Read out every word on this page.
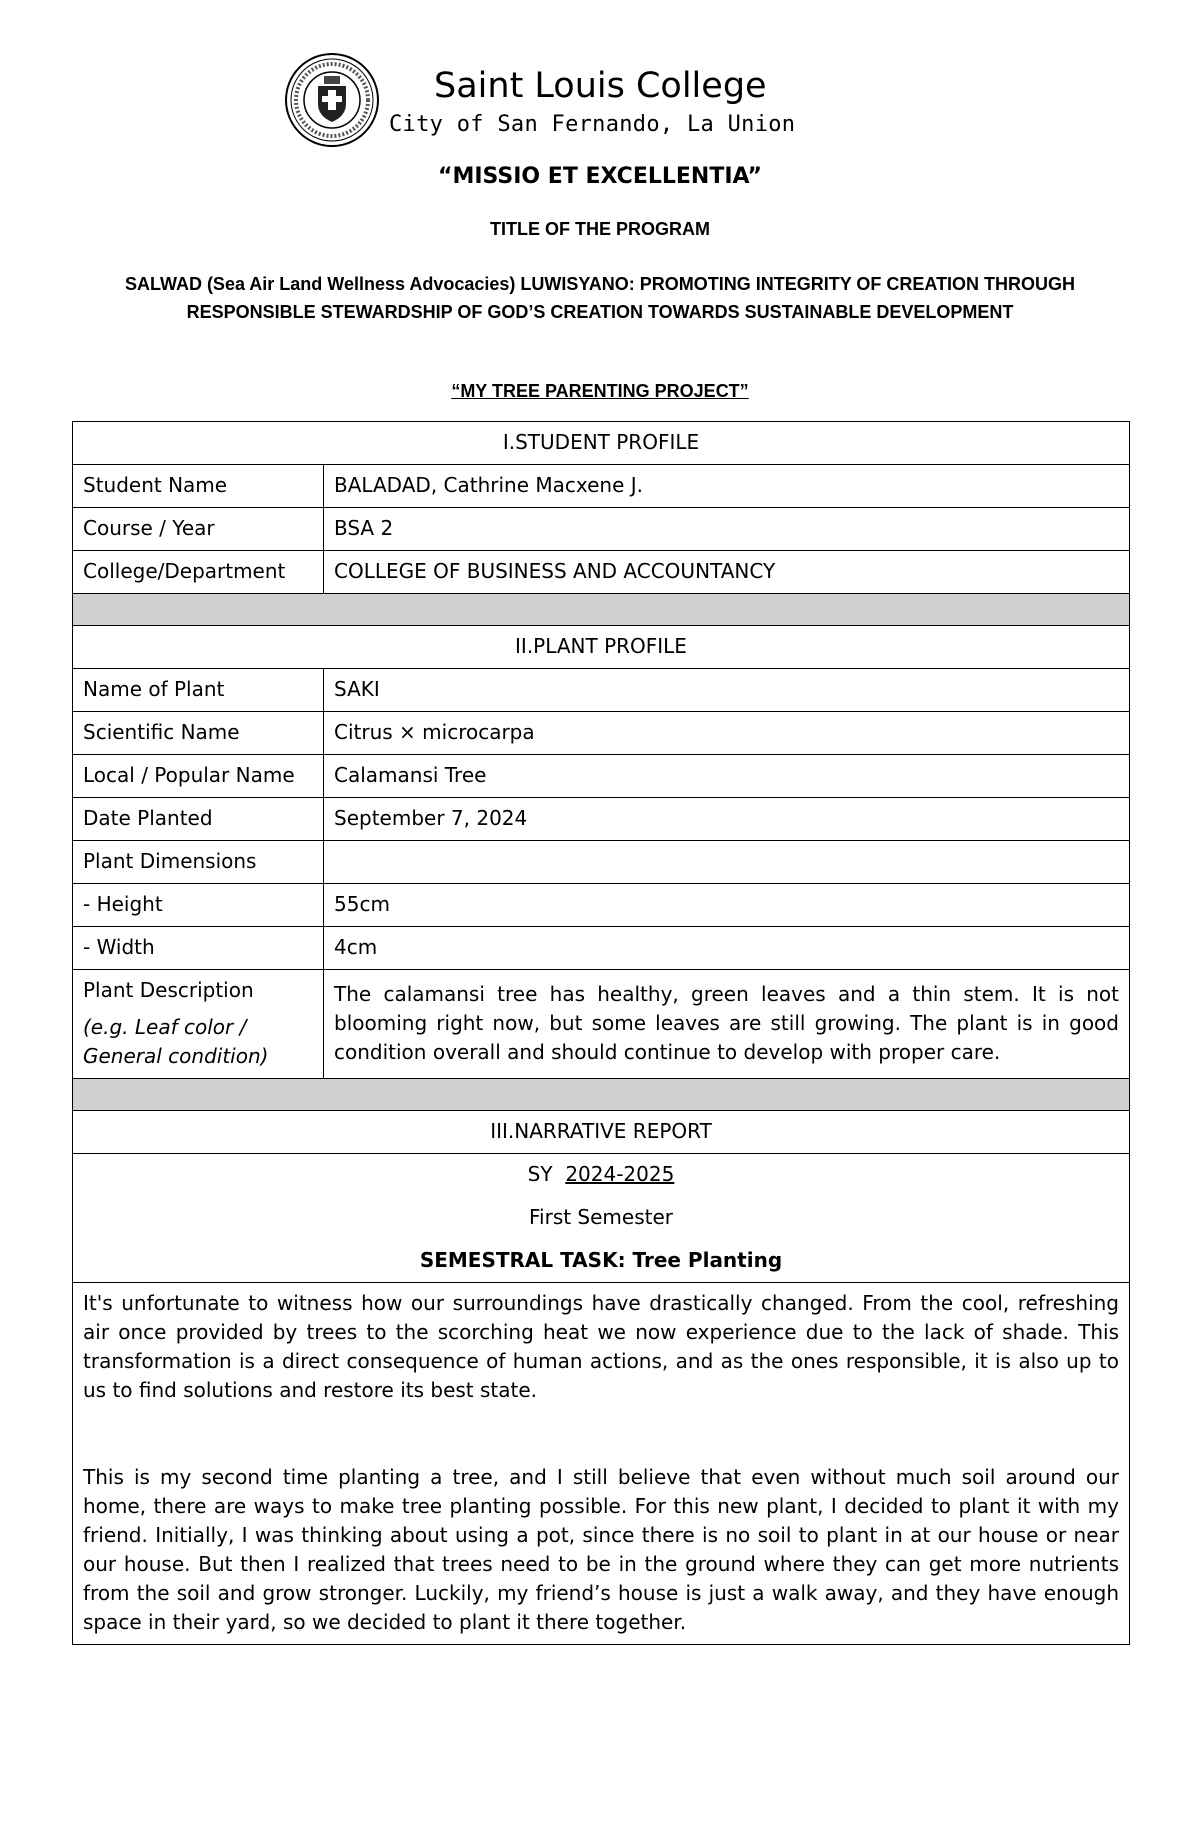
Saint Louis College
City of San Fernando, La Union
“MISSIO ET EXCELLENTIA”
TITLE OF THE PROGRAM
SALWAD (Sea Air Land Wellness Advocacies) LUWISYANO: PROMOTING INTEGRITY OF CREATION THROUGH RESPONSIBLE STEWARDSHIP OF GOD’S CREATION TOWARDS SUSTAINABLE DEVELOPMENT
“MY TREE PARENTING PROJECT”
I.STUDENT PROFILE	
Student Name	BALADAD, Cathrine Macxene J.
Course / Year	BSA 2
College/Department	COLLEGE OF BUSINESS AND ACCOUNTANCY

II.PLANT PROFILE	
Name of Plant	SAKI
Scientific Name	Citrus × microcarpa
Local / Popular Name	Calamansi Tree
Date Planted	September 7, 2024
Plant Dimensions	
- Height	55cm
- Width	4cm

Plant Description
(e.g. Leaf color / General condition)	The calamansi tree has healthy, green leaves and a thin stem. It is not blooming right now, but some leaves are still growing. The plant is in good condition overall and should continue to develop with proper care.

III.NARRATIVE REPORT	

SY 2024-2025
First Semester
SEMESTRAL TASK: Tree Planting	

It's unfortunate to witness how our surroundings have drastically changed. From the cool, refreshing air once provided by trees to the scorching heat we now experience due to the lack of shade. This transformation is a direct consequence of human actions, and as the ones responsible, it is also up to us to find solutions and restore its best state.
This is my second time planting a tree, and I still believe that even without much soil around our home, there are ways to make tree planting possible. For this new plant, I decided to plant it with my friend. Initially, I was thinking about using a pot, since there is no soil to plant in at our house or near our house. But then I realized that trees need to be in the ground where they can get more nutrients from the soil and grow stronger. Luckily, my friend’s house is just a walk away, and they have enough space in their yard, so we decided to plant it there together.	
